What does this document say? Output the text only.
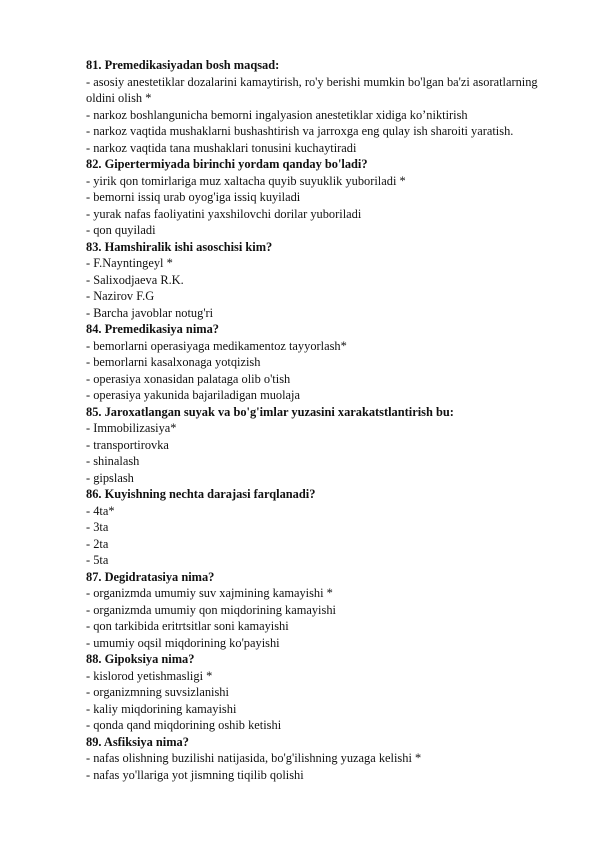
81. Premedikasiyadan bosh maqsad:

- asosiy anestetiklar dozalarini kamaytirish, ro'y berishi mumkin bo'lgan ba'zi asoratlarning oldini olish *

- narkoz boshlangunicha bemorni ingalyasion anestetiklar xidiga ko’niktirish

- narkoz vaqtida mushaklarni bushashtirish va jarroxga eng qulay ish sharoiti yaratish.

- narkoz vaqtida tana mushaklari tonusini kuchaytiradi

82. Gipertermiyada birinchi yordam qanday bo'ladi?

- yirik qon tomirlariga muz xaltacha quyib suyuklik yuboriladi *

- bemorni issiq urab oyog'iga issiq kuyiladi

- yurak nafas faoliyatini yaxshilovchi dorilar yuboriladi

- qon quyiladi

83. Hamshiralik ishi asoschisi kim?

- F.Nayntingeyl *

- Salixodjaeva R.K.

- Nazirov F.G

- Barcha javoblar notug'ri

84. Premedikasiya nima?

- bemorlarni operasiyaga medikamentoz tayyorlash*

- bemorlarni kasalxonaga yotqizish

- operasiya xonasidan palataga olib o'tish

- operasiya yakunida bajariladigan muolaja

85. Jaroxatlangan suyak va bo'g'imlar yuzasini xarakatstlantirish bu:

- Immobilizasiya*

- transportirovka

- shinalash

- gipslash

86. Kuyishning nechta darajasi farqlanadi?

- 4ta*

- 3ta

- 2ta

- 5ta

87. Degidratasiya nima?

- organizmda umumiy suv xajmining kamayishi *

- organizmda umumiy qon miqdorining kamayishi

- qon tarkibida eritrtsitlar soni kamayishi

- umumiy oqsil miqdorining ko'payishi

88. Gipoksiya nima?

- kislorod yetishmasligi *

- organizmning suvsizlanishi

- kaliy miqdorining kamayishi

- qonda qand miqdorining oshib ketishi

89. Asfiksiya nima?

- nafas olishning buzilishi natijasida, bo'g'ilishning yuzaga kelishi *

- nafas yo'llariga yot jismning tiqilib qolishi
